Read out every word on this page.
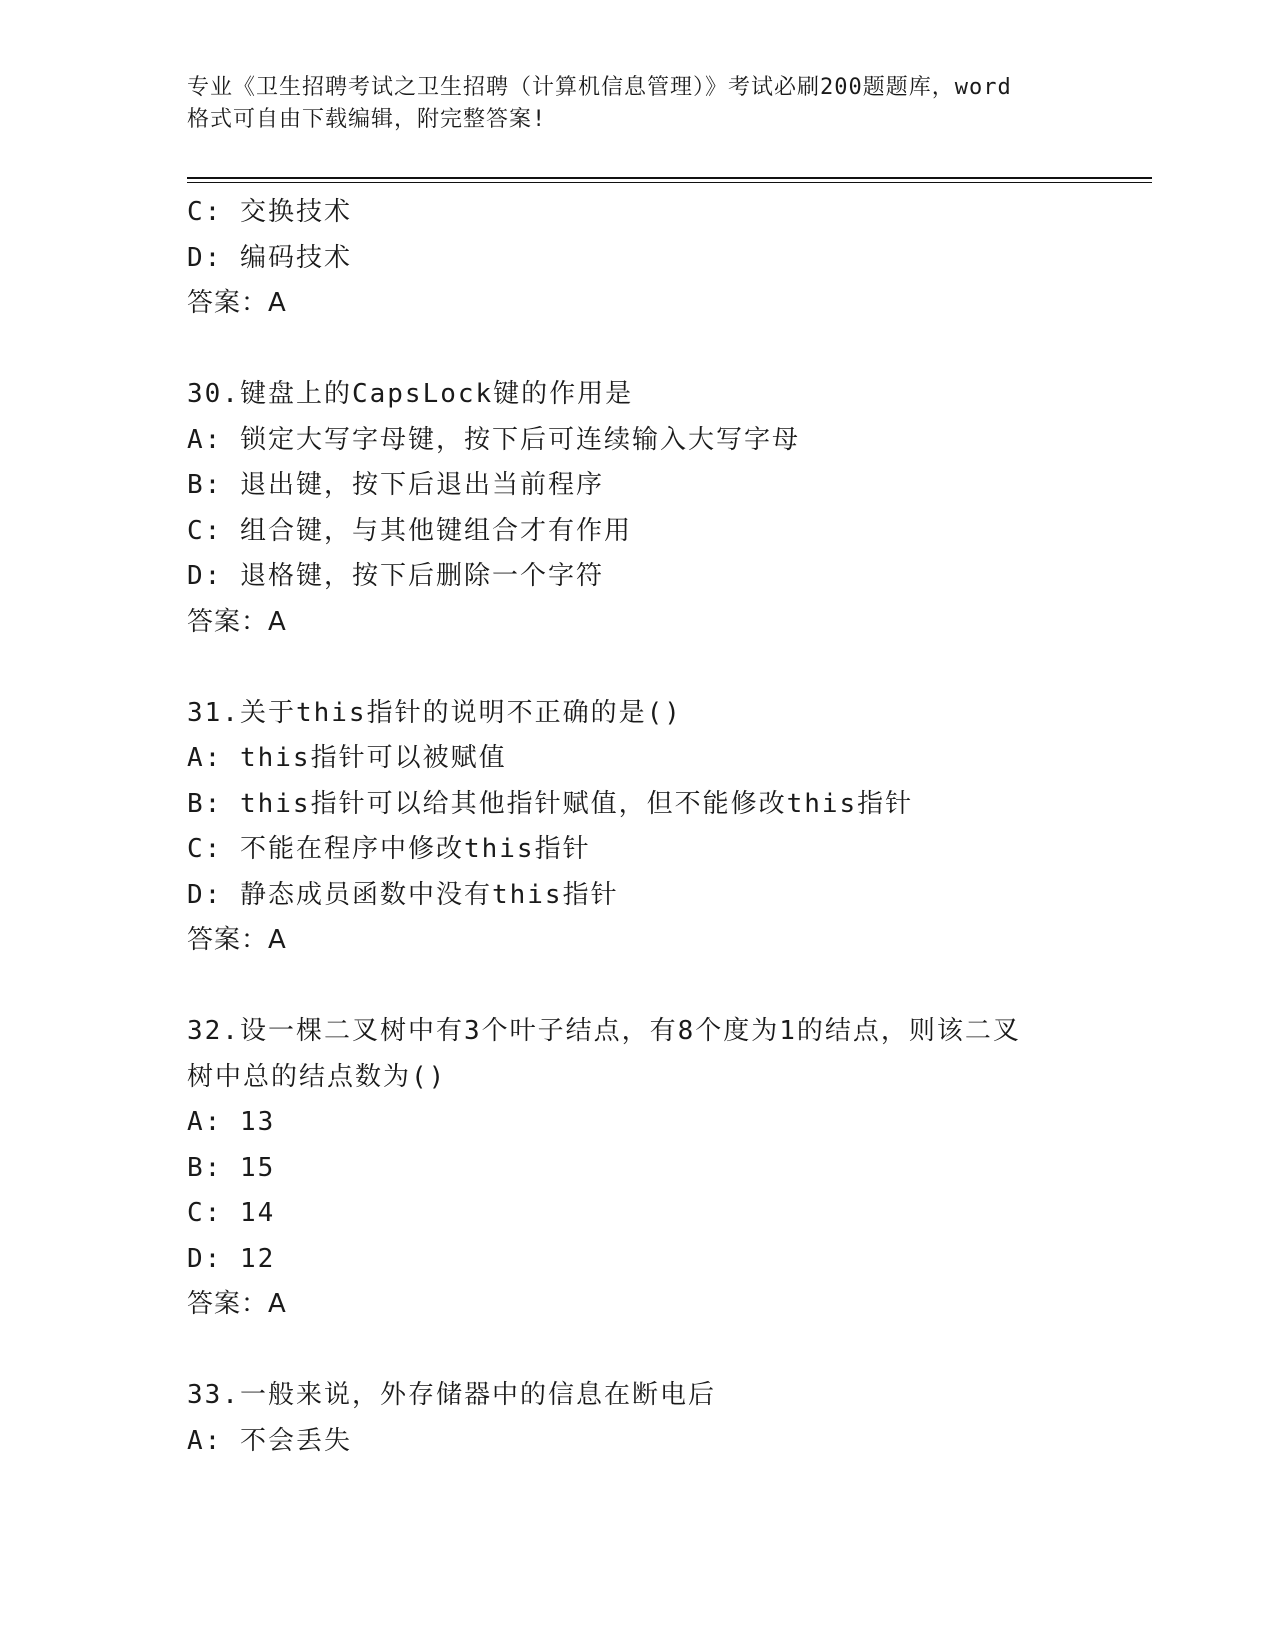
专业《卫生招聘考试之卫生招聘（计算机信息管理）》考试必刷200题题库，word
格式可自由下载编辑，附完整答案!
C: 交换技术
D: 编码技术
答案：A
30.键盘上的CapsLock键的作用是
A: 锁定大写字母键，按下后可连续输入大写字母
B: 退出键，按下后退出当前程序
C: 组合键，与其他键组合才有作用
D: 退格键，按下后删除一个字符
答案：A
31.关于this指针的说明不正确的是()
A: this指针可以被赋值
B: this指针可以给其他指针赋值，但不能修改this指针
C: 不能在程序中修改this指针
D: 静态成员函数中没有this指针
答案：A
32.设一棵二叉树中有3个叶子结点，有8个度为1的结点，则该二叉
树中总的结点数为()
A: 13
B: 15
C: 14
D: 12
答案：A
33.一般来说，外存储器中的信息在断电后
A: 不会丢失
